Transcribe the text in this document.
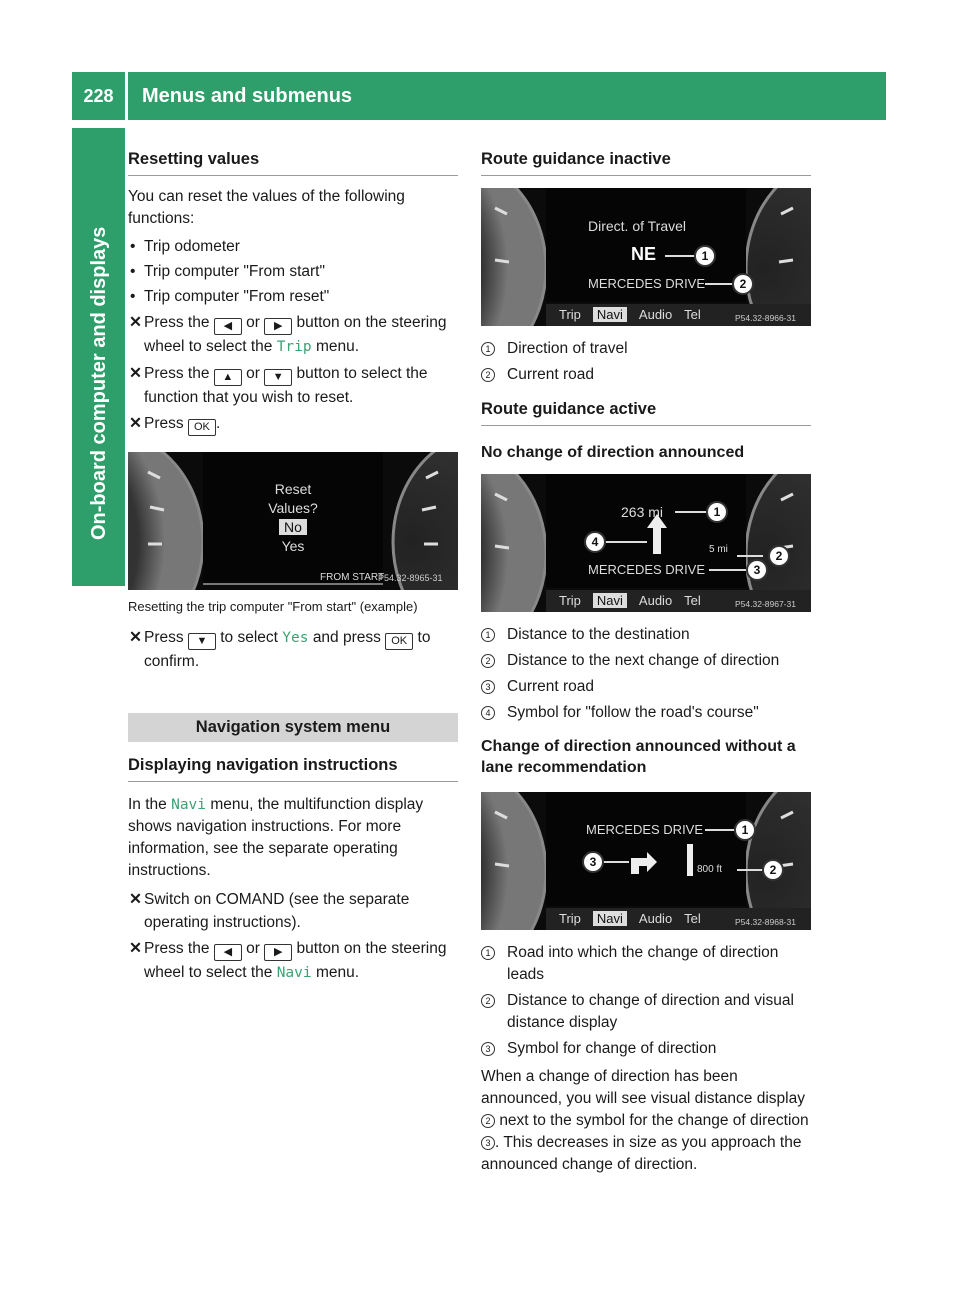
228	Menus and submenus
On-board computer and displays
Resetting values

You can reset the values of the following functions:

• Trip odometer
• Trip computer "From start"
• Trip computer "From reset"
✕ Press the ◀ or ▶ button on the steering wheel to select the Trip menu.
✕ Press the ▲ or ▼ button to select the function that you wish to reset.
✕ Press OK .
Reset
Values?
No
Yes
FROM START
P54.32-8965-31
Resetting the trip computer "From start" (example)
✕ Press ▼ to select Yes and press OK to confirm.
Navigation system menu
Displaying navigation instructions

In the Navi menu, the multifunction display shows navigation instructions. For more information, see the separate operating instructions.

✕ Switch on COMAND (see the separate operating instructions).
✕ Press the ◀ or ▶ button on the steering wheel to select the Navi menu.
Route guidance inactive
Direct. of Travel
NE
MERCEDES DRIVE
1
2
Trip	Navi	Audio Tel	P54.32-8966-31
1 Direction of travel
2 Current road
Route guidance active
No change of direction announced
263 mi
5 mi
MERCEDES DRIVE
1
2
3
4
Trip	Navi	Audio Tel	P54.32-8967-31
1 Distance to the destination
2 Distance to the next change of direction
3 Current road
4 Symbol for "follow the road's course"
Change of direction announced without a lane recommendation
MERCEDES DRIVE
800 ft
1
2
3
Trip	Navi	Audio Tel	P54.32-8968-31
1 Road into which the change of direction leads
2 Distance to change of direction and visual distance display
3 Symbol for change of direction

When a change of direction has been announced, you will see visual distance display 2 next to the symbol for the change of direction 3 . This decreases in size as you approach the announced change of direction.
